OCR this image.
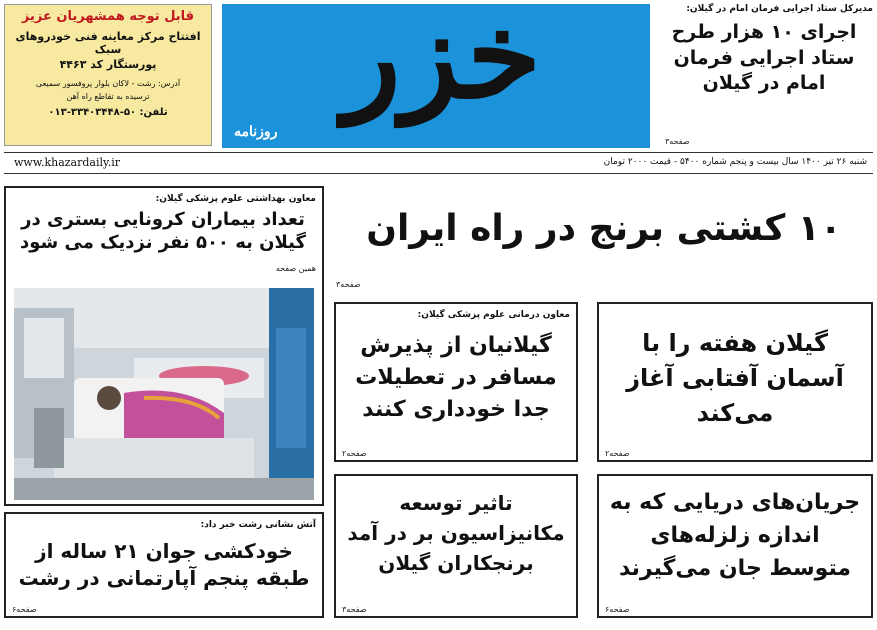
قابل توجه همشهریان عزیز
افتتاح مرکز معاینه فنی خودروهای سبک
پورستگار کد ۴۴۶۳
آدرس: رشت - لاکان بلوار پروفسور سمیعی
ترسیده به تقاطع راه آهن
تلفن: ۵۰-۳۳۴۰۳۴۴۸-۰۱۳	خزر
روزنامه
مدیرکل ستاد اجرایی فرمان امام در گیلان:
اجرای ۱۰ هزار طرح ستاد اجرایی فرمان امام در گیلان
صفحه۳
شنبه ۲۶ تیر ۱۴۰۰ سال بیست و پنجم شماره ۵۴۰۰ - قیمت ۲۰۰۰ تومان
www.khazardaily.ir
۱۰ کشتی برنج در راه ایران
صفحه۳
معاون بهداشتی علوم پزشکی گیلان:
تعداد بیماران کرونایی بستری در گیلان به ۵۰۰ نفر نزدیک می شود
همین صفحه
آتش نشانی رشت خبر داد:
خودکشی جوان ۲۱ ساله از طبقه پنجم آپارتمانی در رشت
صفحه۶
معاون درمانی علوم پزشکی گیلان:
گیلانیان از پذیرش مسافر در تعطیلات جدا خودداری کنند
صفحه۲
گیلان هفته را با آسمان آفتابی آغاز می‌کند
صفحه۲
تاثیر توسعه مکانیزاسیون بر در آمد برنجکاران گیلان
صفحه۳
جریان‌های دریایی که به اندازه زلزله‌های متوسط جان می‌گیرند
صفحه۶
